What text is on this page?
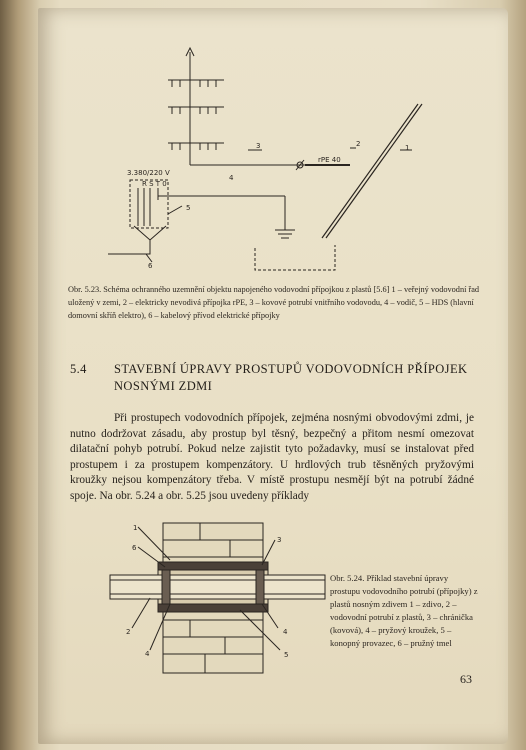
3.380/220 V
R S T 0
rPE 40
1
2
3
4
5
6
Obr. 5.23. Schéma ochranného uzemnění objektu napojeného vodovodní přípojkou z plastů [5.6] 1 – veřejný vodovodní řad uložený v zemi, 2 – elektricky nevodivá přípojka rPE, 3 – kovové potrubí vnitřního vodovodu, 4 – vodič, 5 – HDS (hlavní domovní skříň elektro), 6 – kabelový přívod elektrické přípojky
5.4 STAVEBNÍ ÚPRAVY PROSTUPŮ VODOVODNÍCH PŘÍPOJEK NOSNÝMI ZDMI

Při prostupech vodovodních přípojek, zejména nosnými obvodovými zdmi, je nutno dodržovat zásadu, aby prostup byl těsný, bezpečný a přitom nesmí omezovat dilatační pohyb potrubí. Pokud nelze zajistit tyto požadavky, musí se instalovat před prostupem i za prostupem kompenzátory. U hrdlových trub těsněných pryžovými kroužky nejsou kompenzátory třeba. V místě prostupu nesmějí být na potrubí žádné spoje. Na obr. 5.24 a obr. 5.25 jsou uvedeny příklady

1
6
3
2
4
4
5
Obr. 5.24. Příklad stavební úpravy prostupu vodovodního potrubí (přípojky) z plastů nosným zdivem 1 – zdivo, 2 – vodovodní potrubí z plastů, 3 – chránička (kovová), 4 – pryžový kroužek, 5 – konopný provazec, 6 – pružný tmel
63
